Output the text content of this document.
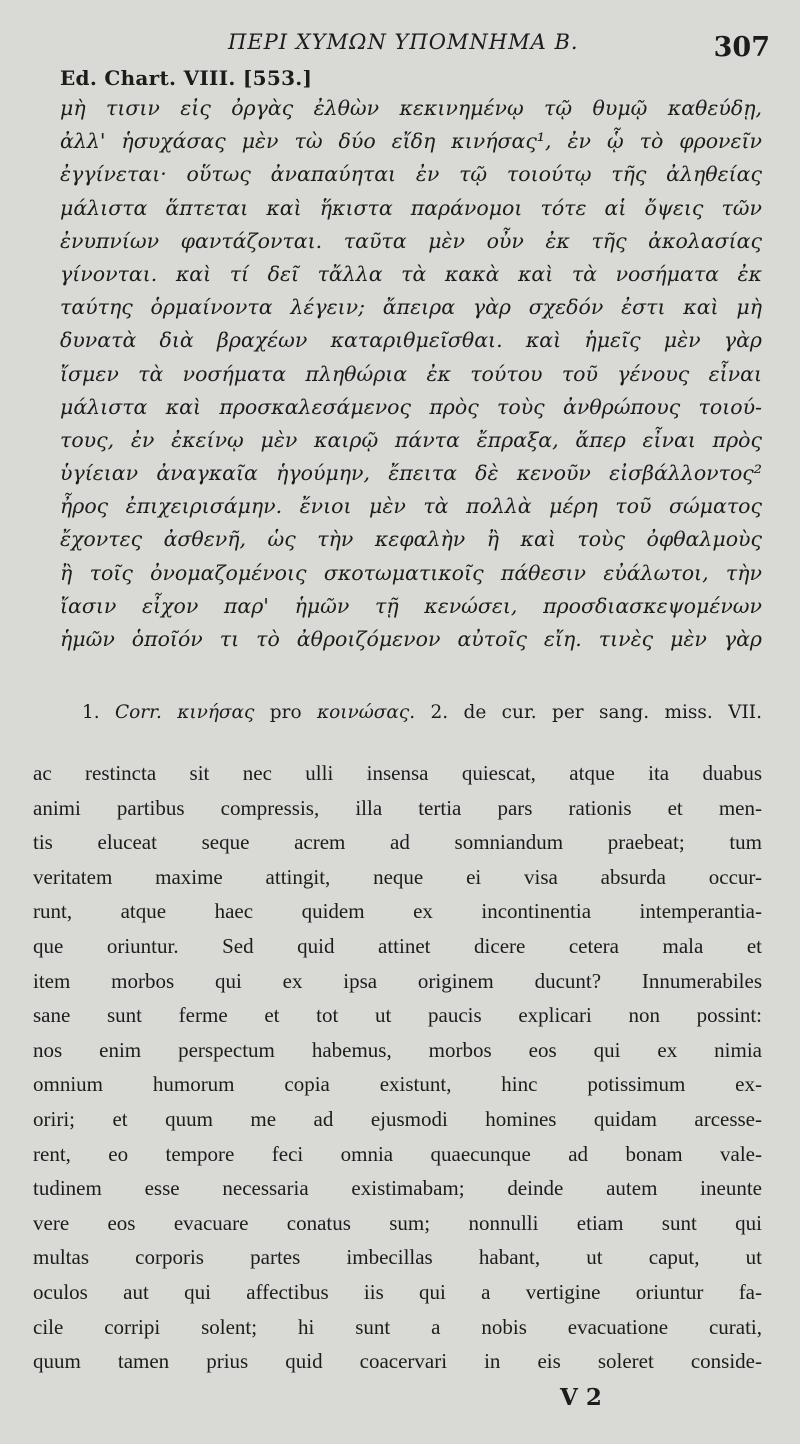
ΠΕΡΙ ΧΥΜΩΝ ΥΠΟΜΝΗΜΑ Β.	307
Ed. Chart. VIII. [553.]
μὴ τισιν εἰς ὀργὰς ἐλθὼν κεκινημένῳ τῷ θυμῷ καθεύδῃ,
ἀλλ' ἡσυχάσας μὲν τὼ δύο εἴδη κινήσας¹, ἐν ᾧ τὸ φρονεῖν
ἐγγίνεται· οὕτως ἀναπαύηται ἐν τῷ τοιούτῳ τῆς ἀληθείας
μάλιστα ἅπτεται καὶ ἥκιστα παράνομοι τότε αἱ ὄψεις τῶν
ἐνυπνίων φαντάζονται. ταῦτα μὲν οὖν ἐκ τῆς ἀκολασίας
γίνονται. καὶ τί δεῖ τἄλλα τὰ κακὰ καὶ τὰ νοσήματα ἐκ
ταύτης ὁρμαίνοντα λέγειν; ἄπειρα γὰρ σχεδόν ἐστι καὶ μὴ
δυνατὰ διὰ βραχέων καταριθμεῖσθαι. καὶ ἡμεῖς μὲν γὰρ
ἴσμεν τὰ νοσήματα πληθώρια ἐκ τούτου τοῦ γένους εἶναι
μάλιστα καὶ προσκαλεσάμενος πρὸς τοὺς ἀνθρώπους τοιού-
τους, ἐν ἐκείνῳ μὲν καιρῷ πάντα ἔπραξα, ἅπερ εἶναι πρὸς
ὑγίειαν ἀναγκαῖα ἡγούμην, ἔπειτα δὲ κενοῦν εἰσβάλλοντος²
ἦρος ἐπιχειρισάμην. ἔνιοι μὲν τὰ πολλὰ μέρη τοῦ σώματος
ἔχοντες ἀσθενῆ, ὡς τὴν κεφαλὴν ἢ καὶ τοὺς ὀφθαλμοὺς
ἢ τοῖς ὀνομαζομένοις σκοτωματικοῖς πάθεσιν εὐάλωτοι, τὴν
ἴασιν εἶχον παρ' ἡμῶν τῇ κενώσει, προσδιασκεψομένων
ἡμῶν ὁποῖόν τι τὸ ἀθροιζόμενον αὐτοῖς εἴη. τινὲς μὲν γὰρ
1. Corr. κινήσας pro κοινώσας. 2. de cur. per sang. miss. VII.
ac restincta sit nec ulli insensa quiescat, atque ita duabus
animi partibus compressis, illa tertia pars rationis et men-
tis eluceat seque acrem ad somniandum praebeat; tum
veritatem maxime attingit, neque ei visa absurda occur-
runt, atque haec quidem ex incontinentia intemperantia-
que oriuntur. Sed quid attinet dicere cetera mala et
item morbos qui ex ipsa originem ducunt? Innumerabiles
sane sunt ferme et tot ut paucis explicari non possint:
nos enim perspectum habemus, morbos eos qui ex nimia
omnium humorum copia existunt, hinc potissimum ex-
oriri; et quum me ad ejusmodi homines quidam arcesse-
rent, eo tempore feci omnia quaecunque ad bonam vale-
tudinem esse necessaria existimabam; deinde autem ineunte
vere eos evacuare conatus sum; nonnulli etiam sunt qui
multas corporis partes imbecillas habant, ut caput, ut
oculos aut qui affectibus iis qui a vertigine oriuntur fa-
cile corripi solent; hi sunt a nobis evacuatione curati,
quum tamen prius quid coacervari in eis soleret conside-
V 2
